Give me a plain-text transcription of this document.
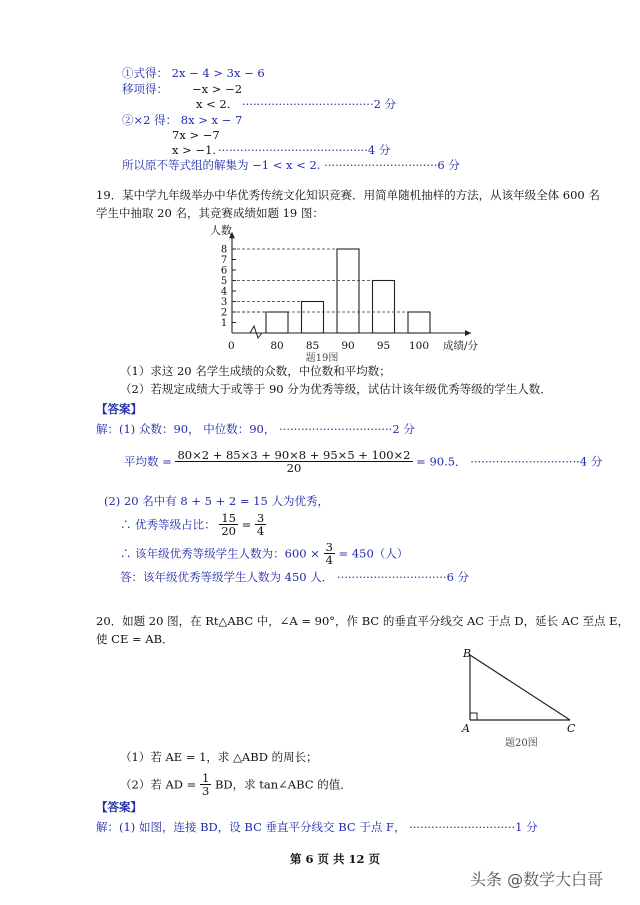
①式得： 2x − 4 > 3x − 6
移项得： −x > −2
x < 2. ····································2 分
②×2 得： 8x > x − 7
7x > −7
x > −1. ·········································4 分
所以原不等式组的解集为 −1 < x < 2. ·······························6 分
19．某中学九年级举办中华优秀传统文化知识竞赛．用简单随机抽样的方法，从该年级全体 600 名
学生中抽取 20 名，其竞赛成绩如题 19 图：
人数
成绩/分
0
1
2
3
4
5
6
7
8
80 85 90 95 100
题19图
（1）求这 20 名学生成绩的众数，中位数和平均数；
（2）若规定成绩大于或等于 90 分为优秀等级，试估计该年级优秀等级的学生人数．
【答案】
解：(1) 众数：90， 中位数：90， ·······························2 分
平均数 = $\frac{80\times 2 + 85\times 3 + 90\times 8 + 95\times 5 + 100\times 2}{20} = 90.5$． ······························4 分
(2) 20 名中有 8 + 5 + 2 = 15 人为优秀，
∴ 优秀等级占比： $\frac{15}{20} = \frac{3}{4}$
∴ 该年级优秀等级学生人数为：$600 \times \frac{3}{4} = 450$（人）
答：该年级优秀等级学生人数为 450 人． ······························6 分
20．如题 20 图，在 Rt△ABC 中，∠A = 90°，作 BC 的垂直平分线交 AC 于点 D，延长 AC 至点 E，
使 CE = AB．
B
A	C
题20图
（1）若 AE = 1，求 △ABD 的周长；
（2）若 AD = $\frac{1}{3}$ BD，求 tan∠ABC 的值．
【答案】
解：(1) 如图，连接 BD，设 BC 垂直平分线交 BC 于点 F， ·····························1 分
第 6 页 共 12 页
头条 @数学大白哥
